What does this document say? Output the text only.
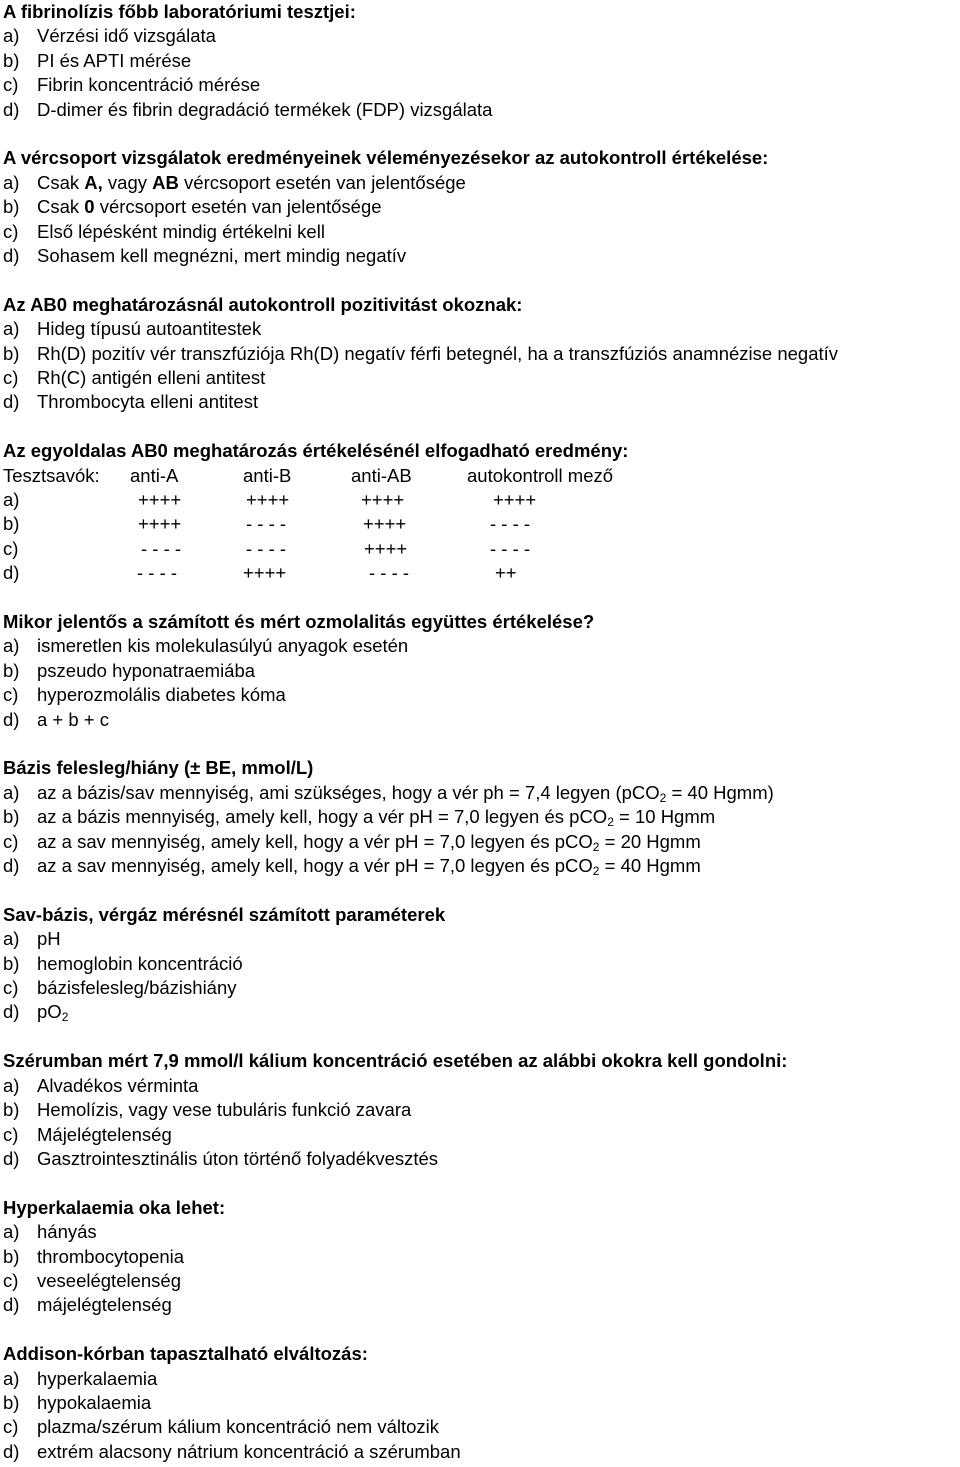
A fibrinolízis főbb laboratóriumi tesztjei:
a) Vérzési idő vizsgálata
b) PI és APTI mérése
c)	Fibrin koncentráció mérése
d) D-dimer és fibrin degradáció termékek (FDP) vizsgálata
A vércsoport vizsgálatok eredményeinek véleményezésekor az autokontroll értékelése:
a) Csak A, vagy AB vércsoport esetén van jelentősége
b) Csak 0 vércsoport esetén van jelentősége
c)	Első lépésként mindig értékelni kell
d) Sohasem kell megnézni, mert mindig negatív
Az AB0 meghatározásnál autokontroll pozitivitást okoznak:
a) Hideg típusú autoantitestek
b) Rh(D) pozitív vér transzfúziója Rh(D) negatív férfi betegnél, ha a transzfúziós anamnézise negatív
c)	Rh(C) antigén elleni antitest
d) Thrombocyta elleni antitest
Az egyoldalas AB0 meghatározás értékelésénél elfogadható eredmény:
Tesztsavók: anti-A	anti-B	anti-AB	autokontroll mező
a)	++++	++++	++++	++++
b)	++++	- - - -	++++	- - - -
c)	- - - -	- - - -	++++	- - - -
d)	- - - -	++++	- - - -	++
Mikor jelentős a számított és mért ozmolalitás együttes értékelése?
a) ismeretlen kis molekulasúlyú anyagok esetén
b) pszeudo hyponatraemiába
c)	hyperozmolális diabetes kóma
d) a + b + c
Bázis felesleg/hiány (± BE, mmol/L)
a) az a bázis/sav mennyiség, ami szükséges, hogy a vér ph = 7,4 legyen (pCO$_2$ = 40 Hgmm)
b) az a bázis mennyiség, amely kell, hogy a vér pH = 7,0 legyen és pCO$_2$ = 10 Hgmm
c)	az a sav mennyiség, amely kell, hogy a vér pH = 7,0 legyen és pCO$_2$ = 20 Hgmm
d) az a sav mennyiség, amely kell, hogy a vér pH = 7,0 legyen és pCO$_2$ = 40 Hgmm
Sav-bázis, vérgáz mérésnél számított paraméterek
a) pH
b) hemoglobin koncentráció
c)	bázisfelesleg/bázishiány
d) $pO_2$
Szérumban mért 7,9 mmol/l kálium koncentráció esetében az alábbi okokra kell gondolni:
a) Alvadékos vérminta
b) Hemolízis, vagy vese tubuláris funkció zavara
c)	Májelégtelenség
d) Gasztrointesztinális úton történő folyadékvesztés
Hyperkalaemia oka lehet:
a) hányás
b) thrombocytopenia
c)	veseelégtelenség
d) májelégtelenség
Addison-kórban tapasztalható elváltozás:
a) hyperkalaemia
b) hypokalaemia
c)	plazma/szérum kálium koncentráció nem változik
d) extrém alacsony nátrium koncentráció a szérumban
